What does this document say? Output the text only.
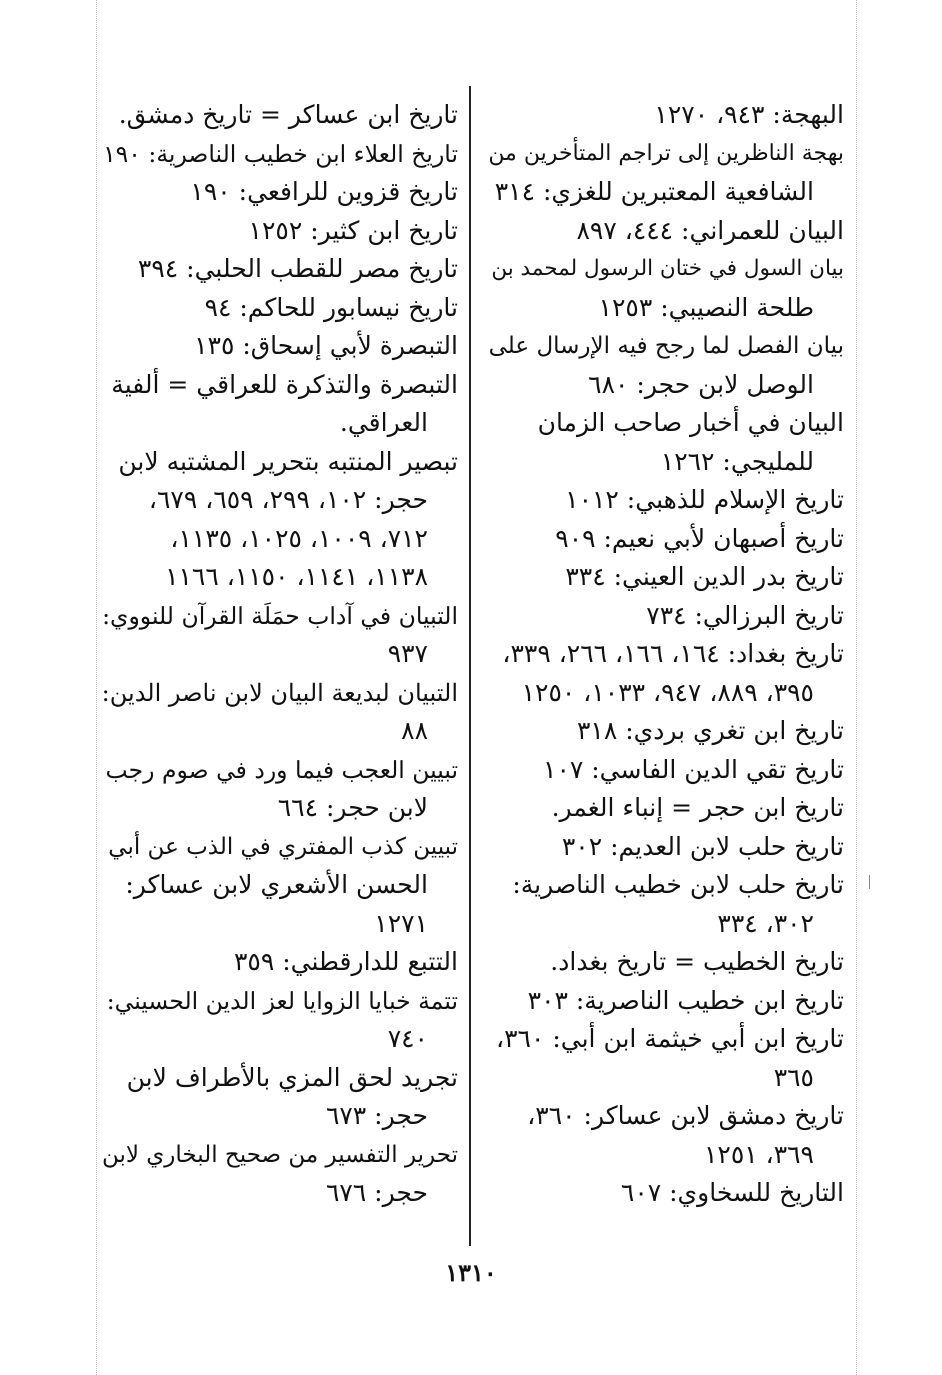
البهجة: ٩٤٣، ١٢٧٠
بهجة الناظرين إلى تراجم المتأخرين من
الشافعية المعتبرين للغزي: ٣١٤
البيان للعمراني: ٤٤٤، ٨٩٧
بيان السول في ختان الرسول لمحمد بن
طلحة النصيبي: ١٢٥٣
بيان الفصل لما رجح فيه الإرسال على
الوصل لابن حجر: ٦٨٠
البيان في أخبار صاحب الزمان
للمليجي: ١٢٦٢
تاريخ الإسلام للذهبي: ١٠١٢
تاريخ أصبهان لأبي نعيم: ٩٠٩
تاريخ بدر الدين العيني: ٣٣٤
تاريخ البرزالي: ٧٣٤
تاريخ بغداد: ١٦٤، ١٦٦، ٢٦٦، ٣٣٩،
٣٩٥، ٨٨٩، ٩٤٧، ١٠٣٣، ١٢٥٠
تاريخ ابن تغري بردي: ٣١٨
تاريخ تقي الدين الفاسي: ١٠٧
تاريخ ابن حجر = إنباء الغمر.
تاريخ حلب لابن العديم: ٣٠٢
تاريخ حلب لابن خطيب الناصرية:
٣٠٢، ٣٣٤
تاريخ الخطيب = تاريخ بغداد.
تاريخ ابن خطيب الناصرية: ٣٠٣
تاريخ ابن أبي خيثمة ابن أبي: ٣٦٠،
٣٦٥
تاريخ دمشق لابن عساكر: ٣٦٠،
٣٦٩، ١٢٥١
التاريخ للسخاوي: ٦٠٧
تاريخ ابن عساكر = تاريخ دمشق.
تاريخ العلاء ابن خطيب الناصرية: ١٩٠
تاريخ قزوين للرافعي: ١٩٠
تاريخ ابن كثير: ١٢٥٢
تاريخ مصر للقطب الحلبي: ٣٩٤
تاريخ نيسابور للحاكم: ٩٤
التبصرة لأبي إسحاق: ١٣٥
التبصرة والتذكرة للعراقي = ألفية
العراقي.
تبصير المنتبه بتحرير المشتبه لابن
حجر: ١٠٢، ٢٩٩، ٦٥٩، ٦٧٩،
٧١٢، ١٠٠٩، ١٠٢٥، ١١٣٥،
١١٣٨، ١١٤١، ١١٥٠، ١١٦٦
التبيان في آداب حمَلَة القرآن للنووي:
٩٣٧
التبيان لبديعة البيان لابن ناصر الدين:
٨٨
تبيين العجب فيما ورد في صوم رجب
لابن حجر: ٦٦٤
تبيين كذب المفتري في الذب عن أبي
الحسن الأشعري لابن عساكر:
١٢٧١
التتبع للدارقطني: ٣٥٩
تتمة خبايا الزوايا لعز الدين الحسيني:
٧٤٠
تجريد لحق المزي بالأطراف لابن
حجر: ٦٧٣
تحرير التفسير من صحيح البخاري لابن
حجر: ٦٧٦
١٣١٠
